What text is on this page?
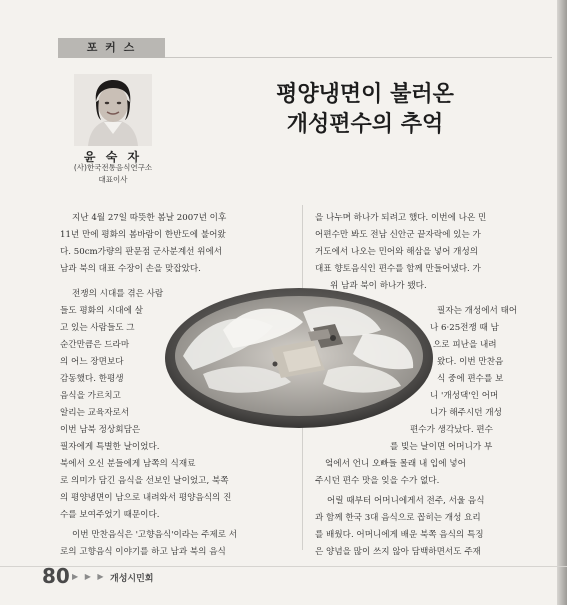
포 커 스
윤 숙 자
(사)한국전통음식연구소
대표이사
평양냉면이 불러온
개성편수의 추억
지난 4월 27일 따뜻한 봄날 2007년 이후
11년 만에 평화의 봄바람이 한반도에 불어왔
다. 50cm가량의 판문점 군사분계선 위에서
남과 북의 대표 수장이 손을 맞잡았다.
전쟁의 시대를 겪은 사람
들도 평화의 시대에 살
고 있는 사람들도 그
순간만큼은 드라마
의 어느 장면보다
감동했다. 한평생
음식을 가르치고
알리는 교육자로서
이번 남북 정상회담은
필자에게 특별한 날이었다.
북에서 오신 분들에게 남쪽의 식재료
로 의미가 담긴 음식을 선보인 날이었고, 북쪽
의 평양냉면이 남으로 내려와서 평양음식의 진
수를 보여주었기 때문이다.
이번 만찬음식은 '고향음식'이라는 주제로 서
로의 고향음식 이야기를 하고 남과 북의 음식
을 나누며 하나가 되려고 했다. 이번에 나온 민
어편수만 봐도 전남 신안군 끝자락에 있는 가
거도에서 나오는 민어와 해삼을 넣어 개성의
대표 향토음식인 편수를 함께 만들어냈다. 가
위 남과 북이 하나가 됐다.
필자는 개성에서 태어
나 6·25전쟁 때 남
으로 피난을 내려
왔다. 이번 만찬음
식 중에 편수를 보
니 '개성댁'인 어머
니가 해주시던 개성
편수가 생각났다. 편수
를 빚는 날이면 어머니가 부
엌에서 언니 오빠들 몰래 내 입에 넣어
주시던 편수 맛을 잊을 수가 없다.
어릴 때부터 어머니에게서 전주, 서울 음식
과 함께 한국 3대 음식으로 꼽히는 개성 요리
를 배웠다. 어머니에게 배운 북쪽 음식의 특징
은 양념을 많이 쓰지 않아 담백하면서도 주재
80 ▶ ▶ ▶ 개성시민회
